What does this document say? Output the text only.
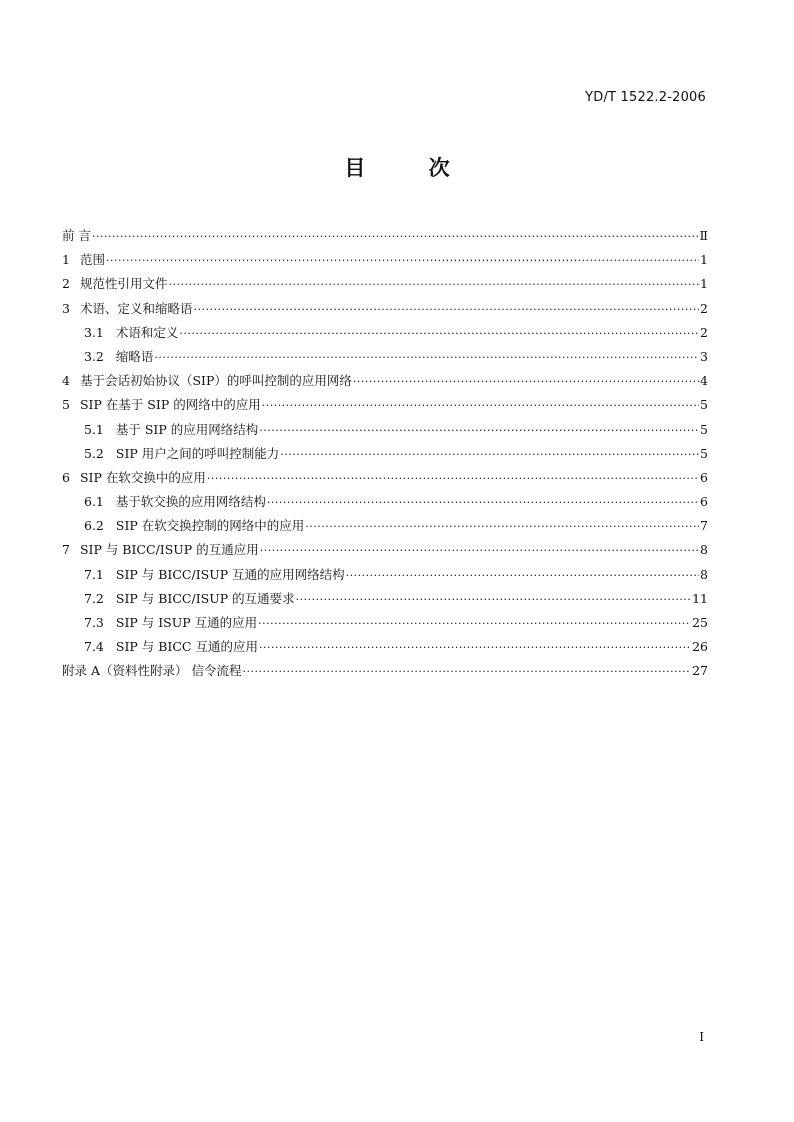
YD/T 1522.2-2006
目 次
前 言 ·····	Ⅱ
1 范围 ·····	1
2 规范性引用文件 ·····	1
3 术语、定义和缩略语 ·····	2
3.1 术语和定义 ·····	2
3.2 缩略语 ·····	3
4 基于会话初始协议（SIP）的呼叫控制的应用网络 ·····	4
5 SIP 在基于 SIP 的网络中的应用 ·····	5
5.1 基于 SIP 的应用网络结构 ·····	5
5.2 SIP 用户之间的呼叫控制能力 ·····	5
6 SIP 在软交换中的应用 ·····	6
6.1 基于软交换的应用网络结构 ·····	6
6.2 SIP 在软交换控制的网络中的应用 ·····	7
7 SIP 与 BICC/ISUP 的互通应用 ·····	8
7.1 SIP 与 BICC/ISUP 互通的应用网络结构 ·····	8
7.2 SIP 与 BICC/ISUP 的互通要求 ·····	11
7.3 SIP 与 ISUP 互通的应用 ·····	25
7.4 SIP 与 BICC 互通的应用 ·····	26
附录 A（资料性附录） 信令流程 ·····	27
I
